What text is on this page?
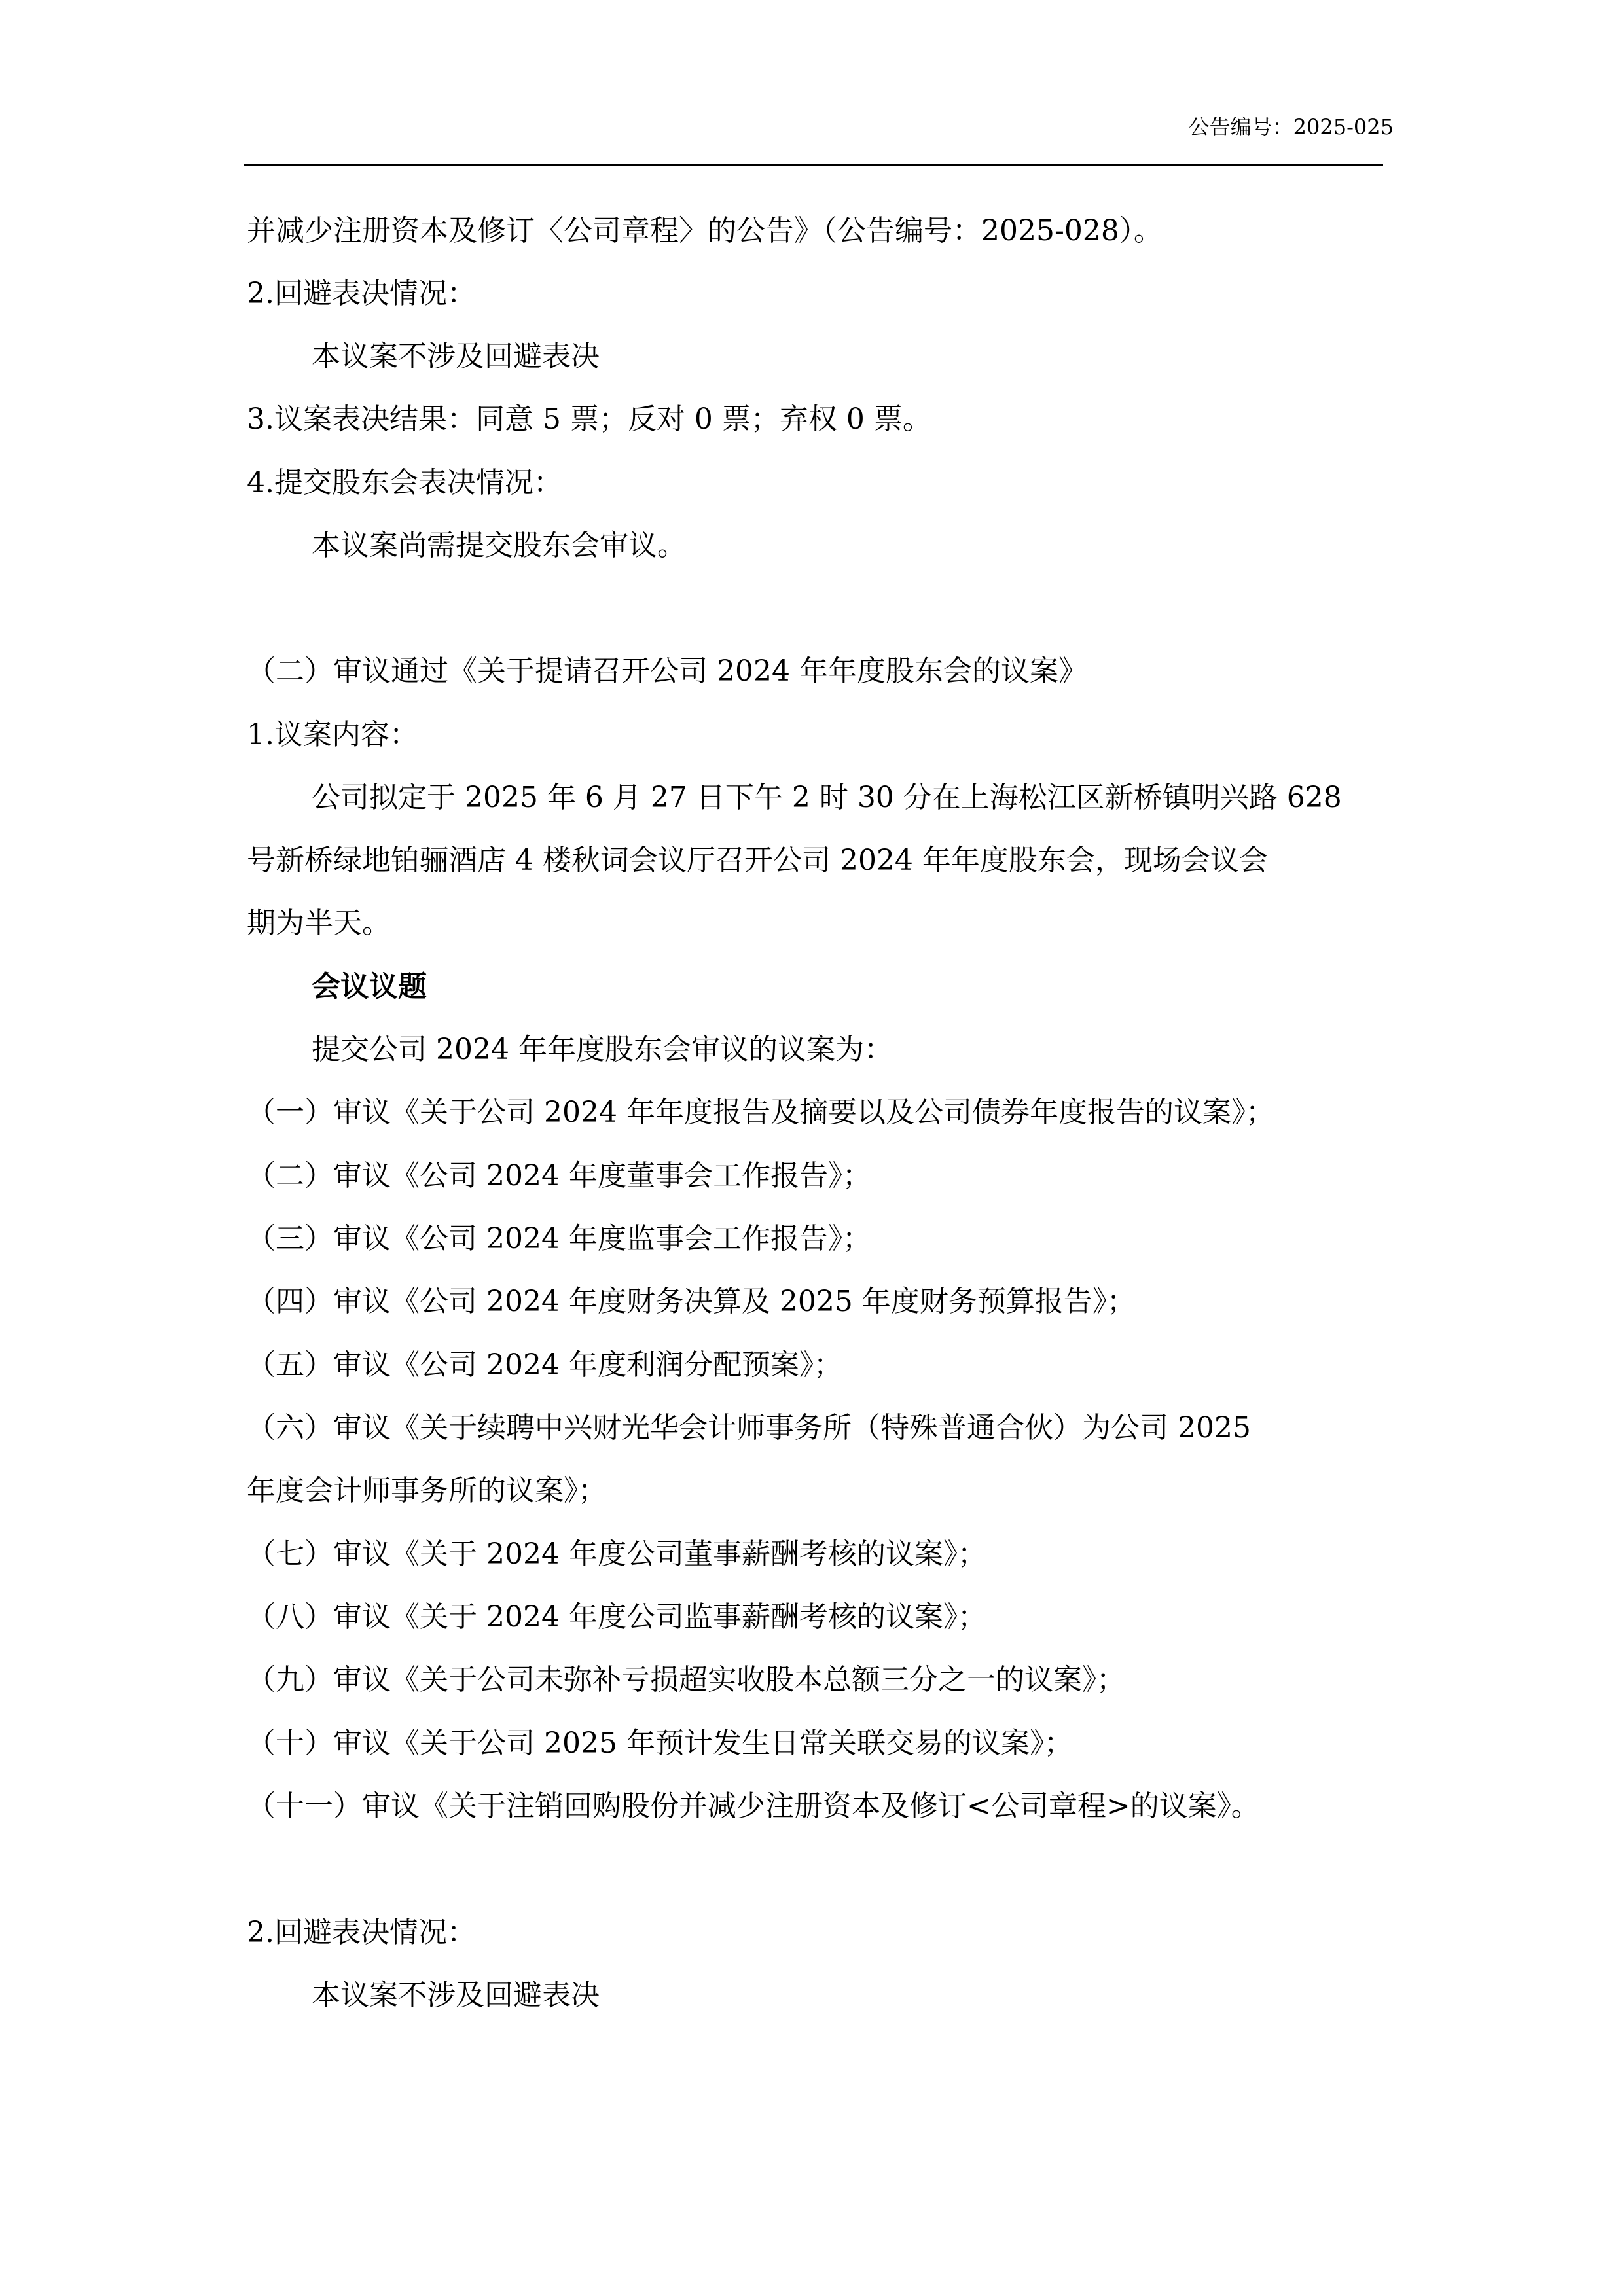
公告编号：2025-025
并减少注册资本及修订〈公司章程〉的公告》（公告编号：2025-028）。
2.回避表决情况：
本议案不涉及回避表决
3.议案表决结果：同意 5 票；反对 0 票；弃权 0 票。
4.提交股东会表决情况：
本议案尚需提交股东会审议。
（二）审议通过《关于提请召开公司 2024 年年度股东会的议案》
1.议案内容：
公司拟定于 2025 年 6 月 27 日下午 2 时 30 分在上海松江区新桥镇明兴路 628
号新桥绿地铂骊酒店 4 楼秋词会议厅召开公司 2024 年年度股东会，现场会议会
期为半天。
会议议题
提交公司 2024 年年度股东会审议的议案为：
（一）审议《关于公司 2024 年年度报告及摘要以及公司债券年度报告的议案》；
（二）审议《公司 2024 年度董事会工作报告》；
（三）审议《公司 2024 年度监事会工作报告》；
（四）审议《公司 2024 年度财务决算及 2025 年度财务预算报告》；
（五）审议《公司 2024 年度利润分配预案》；
（六）审议《关于续聘中兴财光华会计师事务所（特殊普通合伙）为公司 2025
年度会计师事务所的议案》；
（七）审议《关于 2024 年度公司董事薪酬考核的议案》；
（八）审议《关于 2024 年度公司监事薪酬考核的议案》；
（九）审议《关于公司未弥补亏损超实收股本总额三分之一的议案》；
（十）审议《关于公司 2025 年预计发生日常关联交易的议案》；
（十一）审议《关于注销回购股份并减少注册资本及修订<公司章程>的议案》。
2.回避表决情况：
本议案不涉及回避表决
